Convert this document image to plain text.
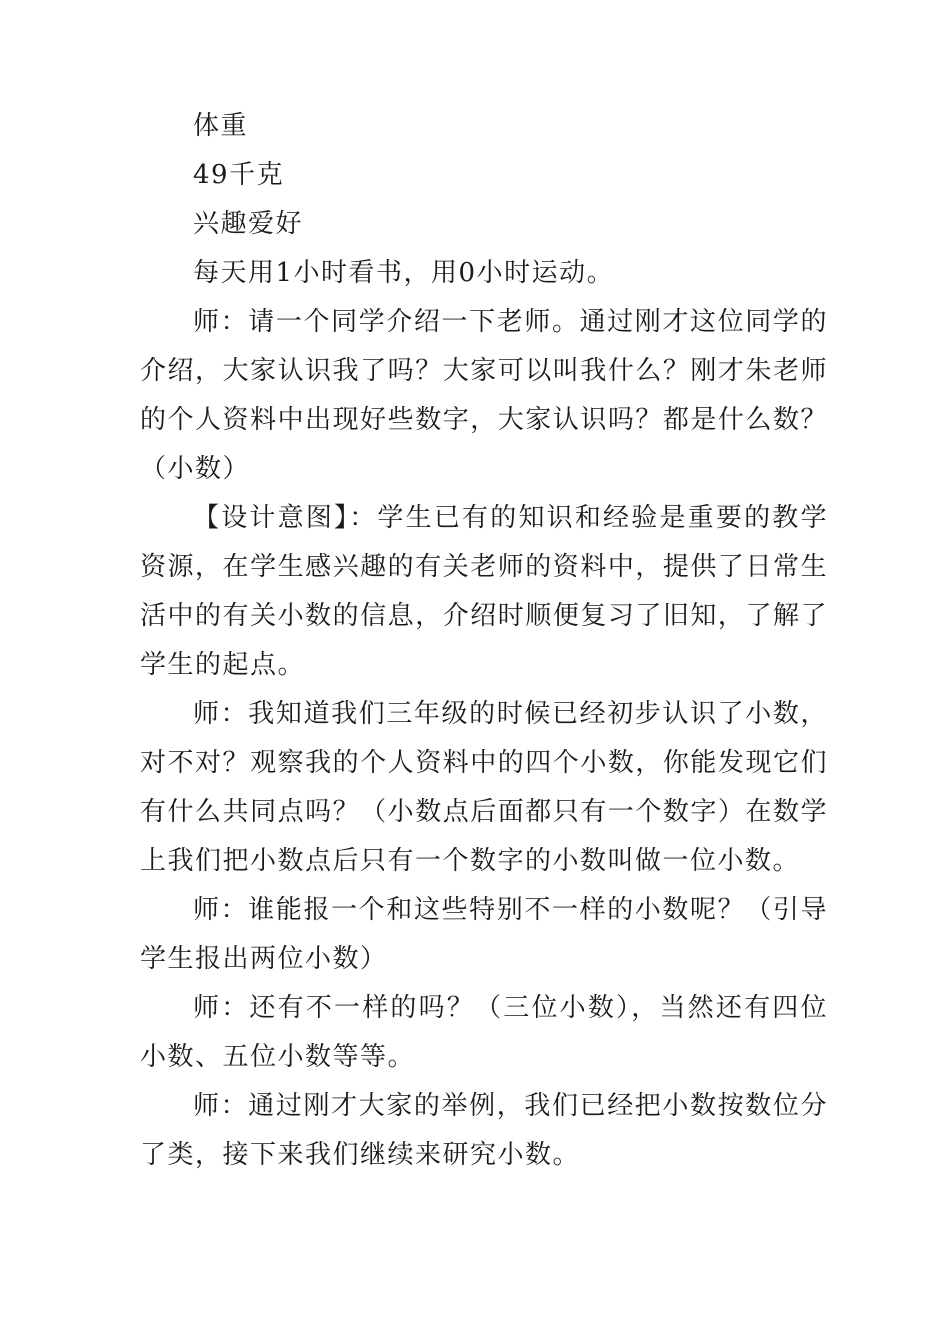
体重

49千克

兴趣爱好

每天用1小时看书，用0小时运动。

师：请一个同学介绍一下老师。通过刚才这位同学的介绍，大家认识我了吗？大家可以叫我什么？刚才朱老师的个人资料中出现好些数字，大家认识吗？都是什么数？（小数）

【设计意图】：学生已有的知识和经验是重要的教学资源，在学生感兴趣的有关老师的资料中，提供了日常生活中的有关小数的信息，介绍时顺便复习了旧知，了解了学生的起点。

师：我知道我们三年级的时候已经初步认识了小数，对不对？观察我的个人资料中的四个小数，你能发现它们有什么共同点吗？（小数点后面都只有一个数字）在数学上我们把小数点后只有一个数字的小数叫做一位小数。

师：谁能报一个和这些特别不一样的小数呢？（引导学生报出两位小数）

师：还有不一样的吗？（三位小数），当然还有四位小数、五位小数等等。

师：通过刚才大家的举例，我们已经把小数按数位分了类，接下来我们继续来研究小数。
